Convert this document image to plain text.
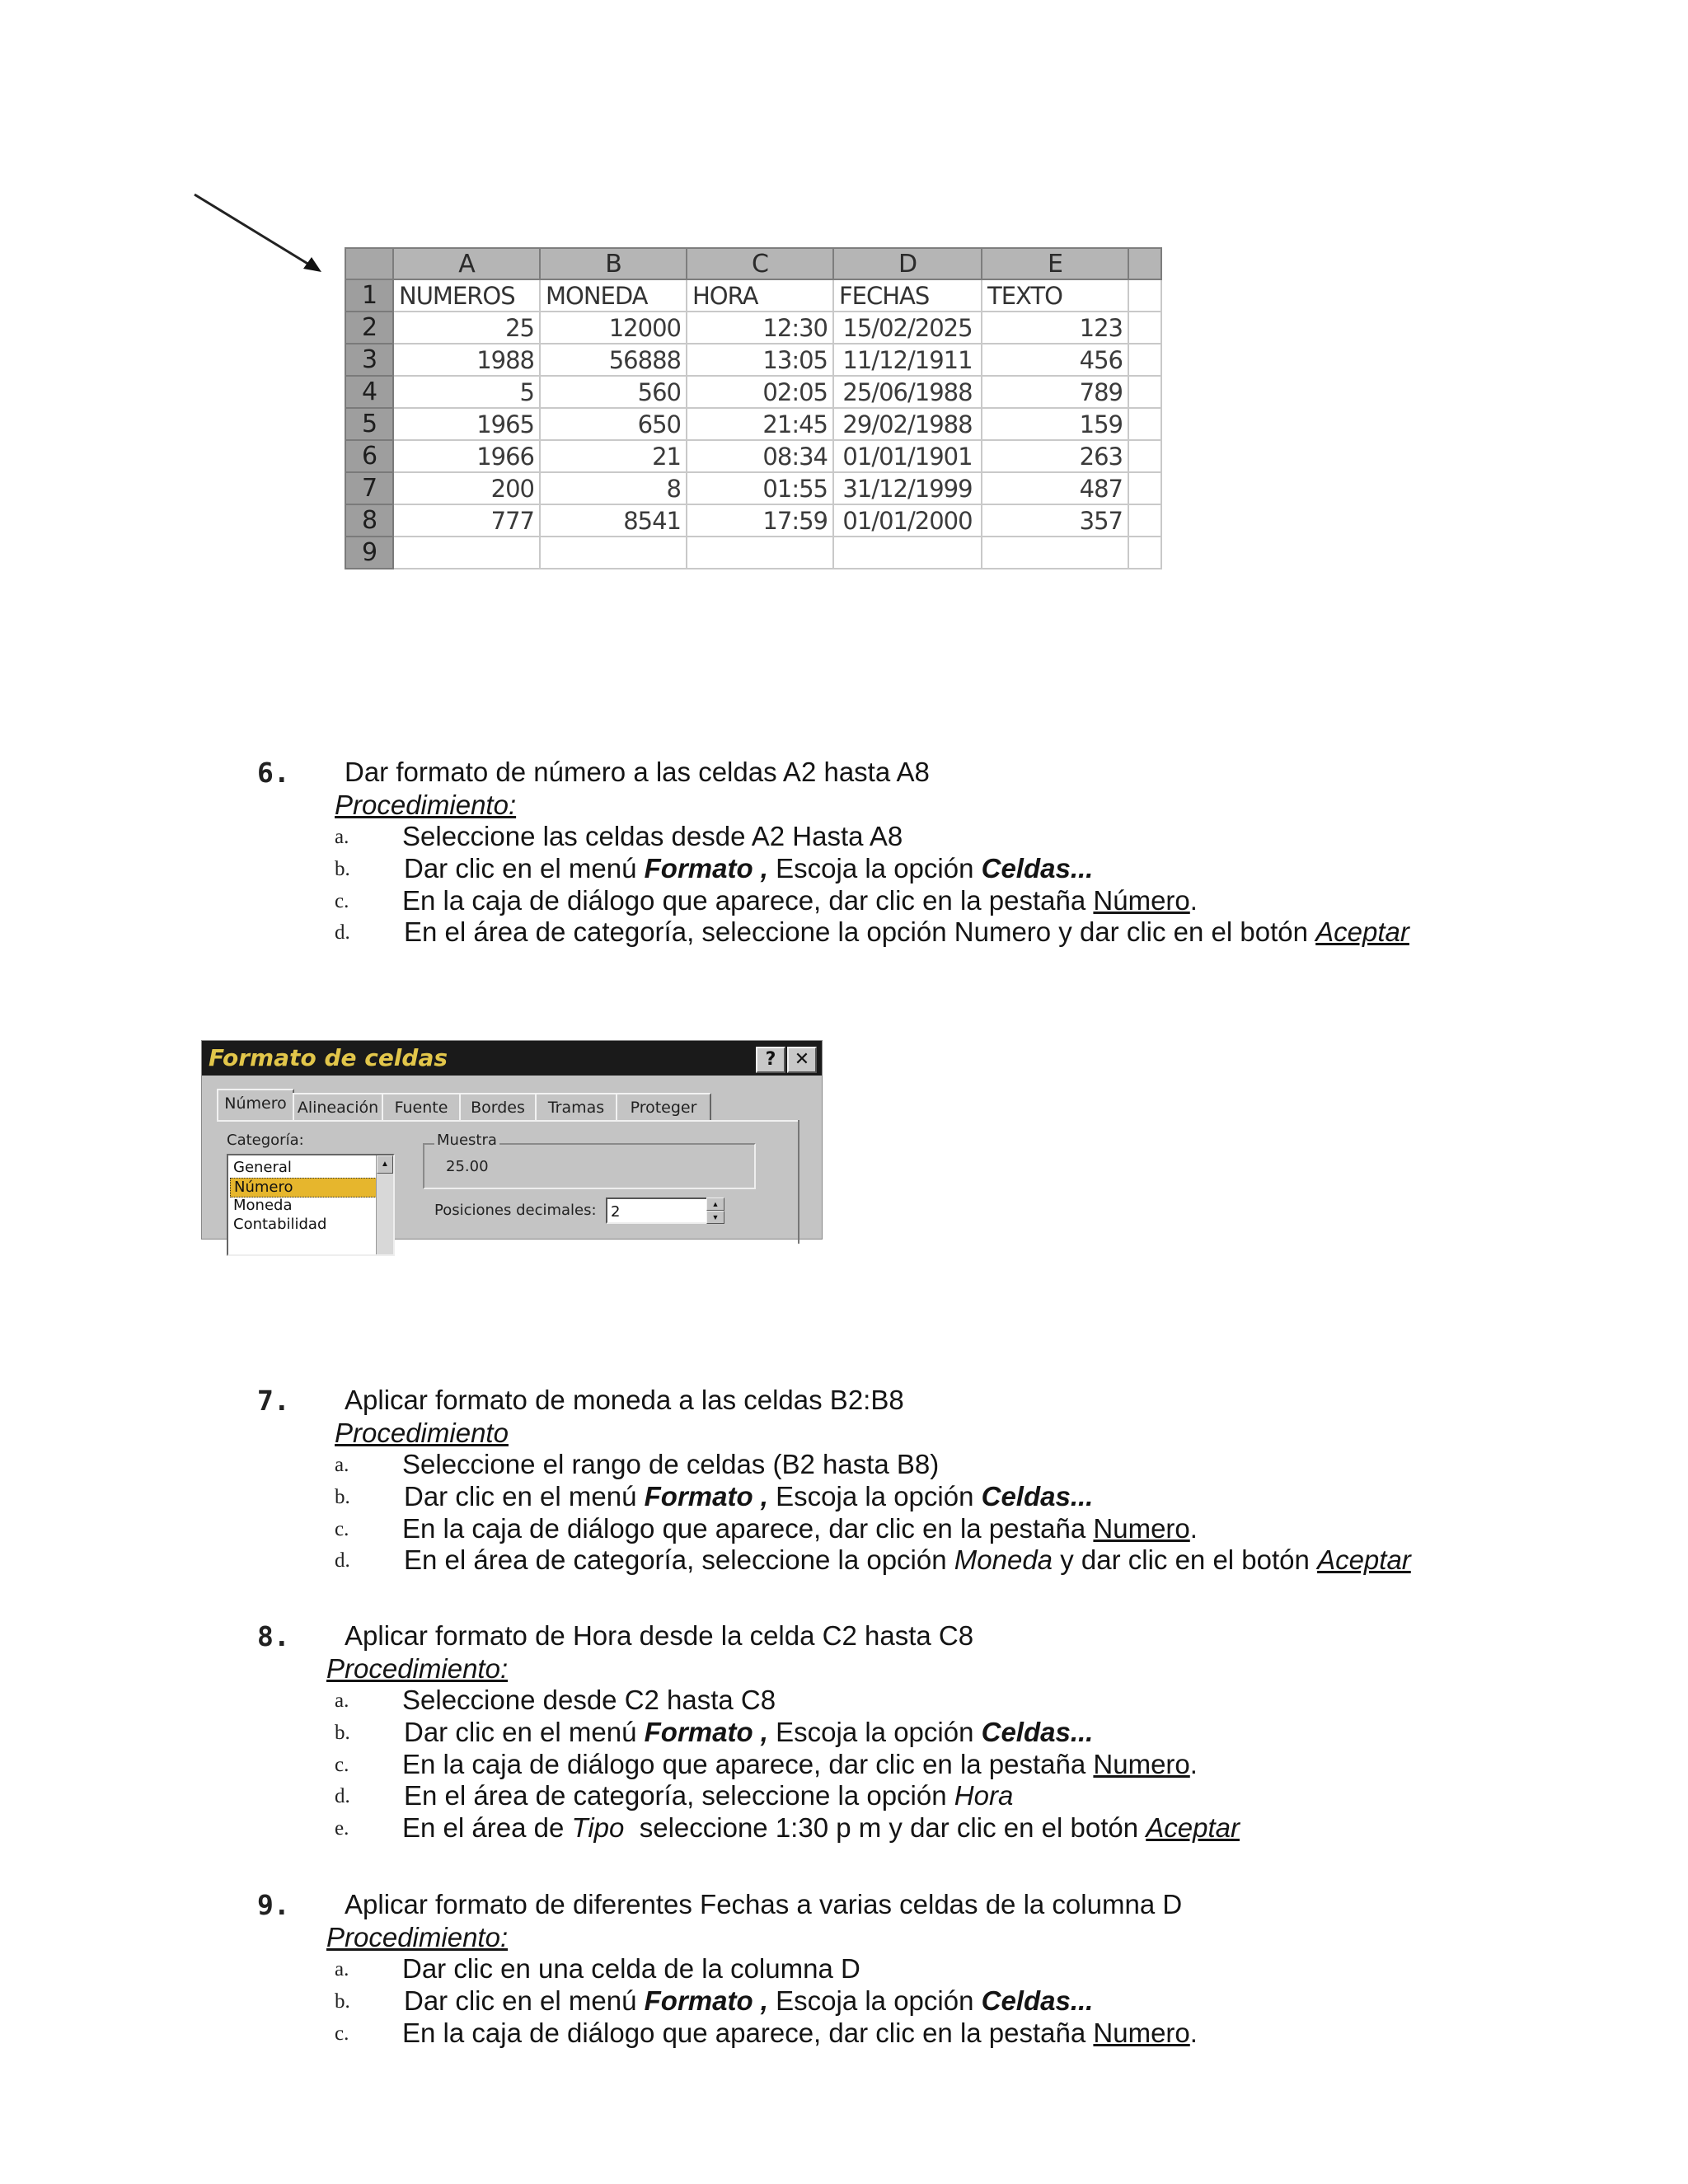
	A	B	C	D	E	
1	NUMEROS	MONEDA	HORA	FECHAS	TEXTO	
2	25	12000	12:30	15/02/2025	123	
3	1988	56888	13:05	11/12/1911	456	
4	5	560	02:05	25/06/1988	789	
5	1965	650	21:45	29/02/1988	159	
6	1966	21	08:34	01/01/1901	263	
7	200	8	01:55	31/12/1999	487	
8	777	8541	17:59	01/01/2000	357	
9						
6. Dar formato de número a las celdas A2 hasta A8
Procedimiento:
a. Seleccione las celdas desde A2 Hasta A8
b. Dar clic en el menú Formato , Escoja la opción Celdas...
c. En la caja de diálogo que aparece, dar clic en la pestaña Número.
d. En el área de categoría, seleccione la opción Numero y dar clic en el botón Aceptar
Formato de celdas	?	✕
Número Alineación	Fuente	Bordes	Tramas	Proteger
Categoría:
General
Número
Moneda
Contabilidad
▲
Muestra
25.00
Posiciones decimales: 2	▲
▼
7. Aplicar formato de moneda a las celdas B2:B8
Procedimiento
a. Seleccione el rango de celdas (B2 hasta B8)
b. Dar clic en el menú Formato , Escoja la opción Celdas...
c. En la caja de diálogo que aparece, dar clic en la pestaña Numero.
d. En el área de categoría, seleccione la opción Moneda y dar clic en el botón Aceptar
8. Aplicar formato de Hora desde la celda C2 hasta C8
Procedimiento:
a. Seleccione desde C2 hasta C8
b. Dar clic en el menú Formato , Escoja la opción Celdas...
c. En la caja de diálogo que aparece, dar clic en la pestaña Numero.
d. En el área de categoría, seleccione la opción Hora
e. En el área de Tipo  seleccione 1:30 p m y dar clic en el botón Aceptar
9. Aplicar formato de diferentes Fechas a varias celdas de la columna D
Procedimiento:
a. Dar clic en una celda de la columna D
b. Dar clic en el menú Formato , Escoja la opción Celdas...
c. En la caja de diálogo que aparece, dar clic en la pestaña Numero.
